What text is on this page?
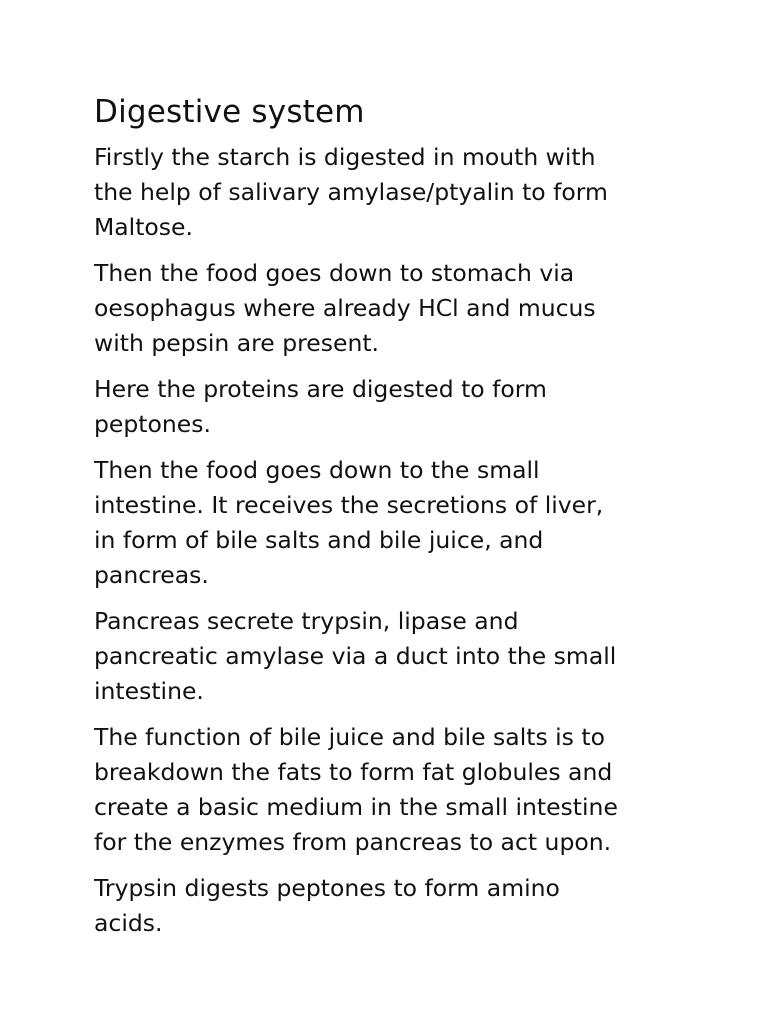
Digestive system

Firstly the starch is digested in mouth with
the help of salivary amylase/ptyalin to form
Maltose.

Then the food goes down to stomach via
oesophagus where already HCl and mucus
with pepsin are present.

Here the proteins are digested to form
peptones.

Then the food goes down to the small
intestine. It receives the secretions of liver,
in form of bile salts and bile juice, and
pancreas.

Pancreas secrete trypsin, lipase and
pancreatic amylase via a duct into the small
intestine.

The function of bile juice and bile salts is to
breakdown the fats to form fat globules and
create a basic medium in the small intestine
for the enzymes from pancreas to act upon.

Trypsin digests peptones to form amino
acids.
